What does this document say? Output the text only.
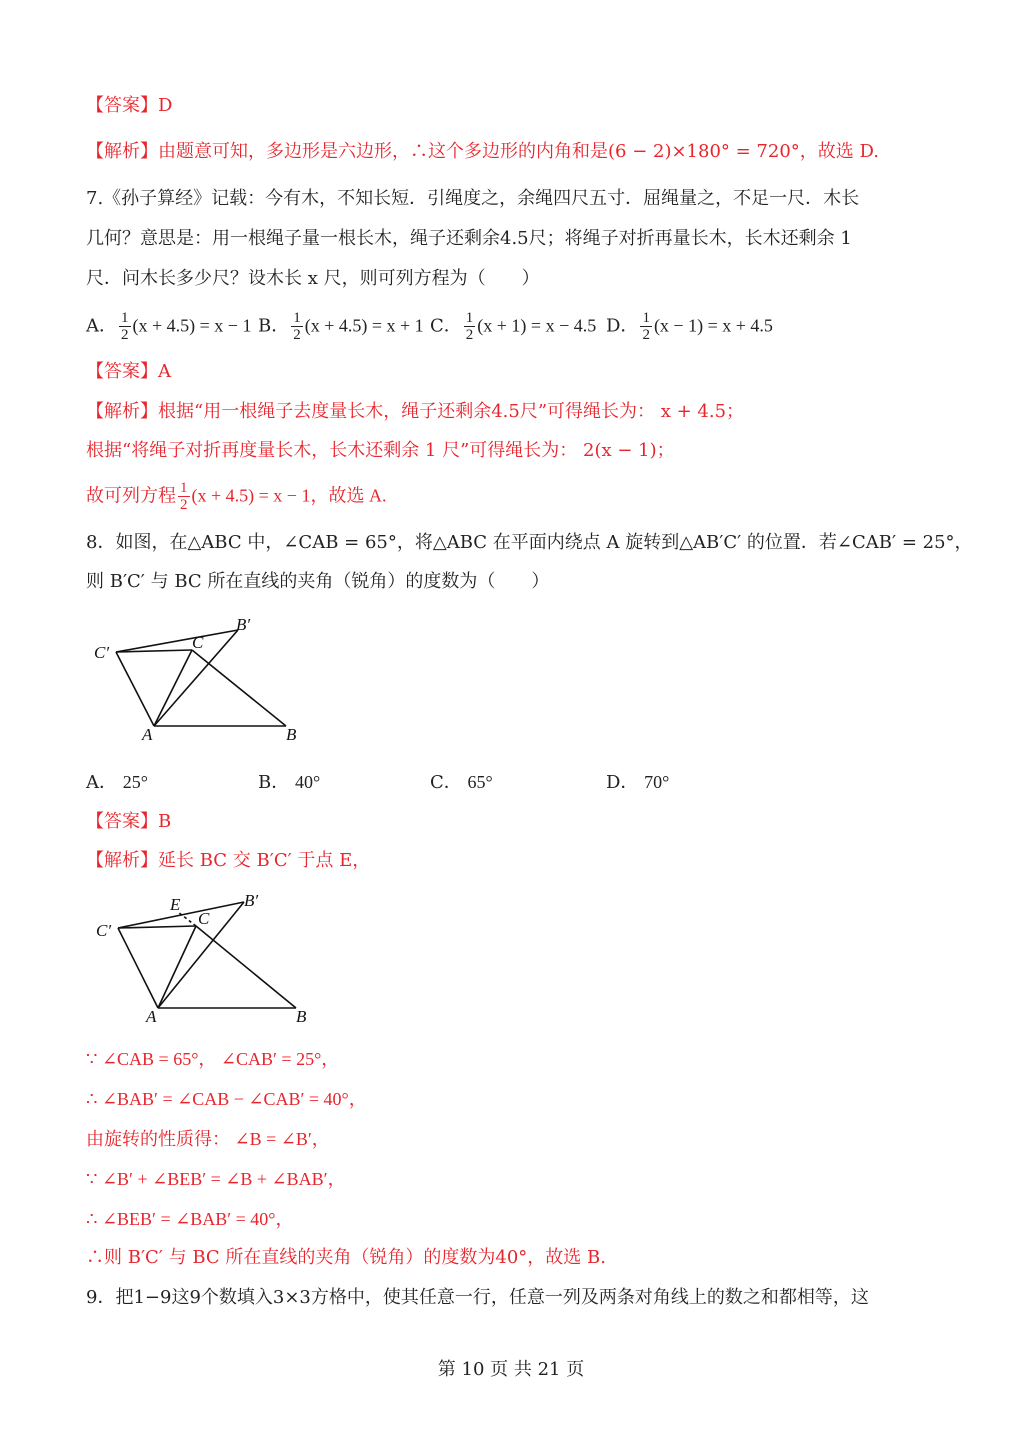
【答案】D
【解析】由题意可知，多边形是六边形，∴这个多边形的内角和是(6 − 2)×180° = 720°，故选 D.
7.《孙子算经》记载：今有木，不知长短．引绳度之，余绳四尺五寸．屈绳量之，不足一尺．木长
几何？意思是：用一根绳子量一根长木，绳子还剩余4.5尺；将绳子对折再量长木，长木还剩余 1
尺．问木长多少尺？设木长 x 尺，则可列方程为（　　）
A． $\frac{1}{2} (x + 4.5) = x - 1$ B． $\frac{1}{2} (x + 4.5) = x + 1$ C． $\frac{1}{2} (x + 1) = x - 4.5$ D． $\frac{1}{2} (x - 1) = x + 4.5$
【答案】A
【解析】根据“用一根绳子去度量长木，绳子还剩余4.5尺”可得绳长为： x + 4.5；
根据“将绳子对折再度量长木，长木还剩余 1 尺”可得绳长为： 2(x − 1)；
故可列方程 $\frac{1}{2} (x + 4.5) = x - 1$，故选 A.
8．如图，在△ABC 中，∠CAB = 65°，将△ABC 在平面内绕点 A 旋转到△AB′C′ 的位置．若∠CAB′ = 25°，
则 B′C′ 与 BC 所在直线的夹角（锐角）的度数为（　　）
C′
C
B′
A	B
A． 25°	B． 40°	C． 65°	D． 70°
【答案】B
【解析】延长 BC 交 B′C′ 于点 E，
C′
E
C
B′
A	B
∵ ∠CAB = 65°， ∠CAB′ = 25°，
∴ ∠BAB′ = ∠CAB − ∠CAB′ = 40°，
由旋转的性质得： ∠B = ∠B′，
∵ ∠B′ + ∠BEB′ = ∠B + ∠BAB′，
∴ ∠BEB′ = ∠BAB′ = 40°，
∴则 B′C′ 与 BC 所在直线的夹角（锐角）的度数为40°，故选 B.
9．把1−9这9个数填入3×3方格中，使其任意一行，任意一列及两条对角线上的数之和都相等，这
第 10 页 共 21 页
